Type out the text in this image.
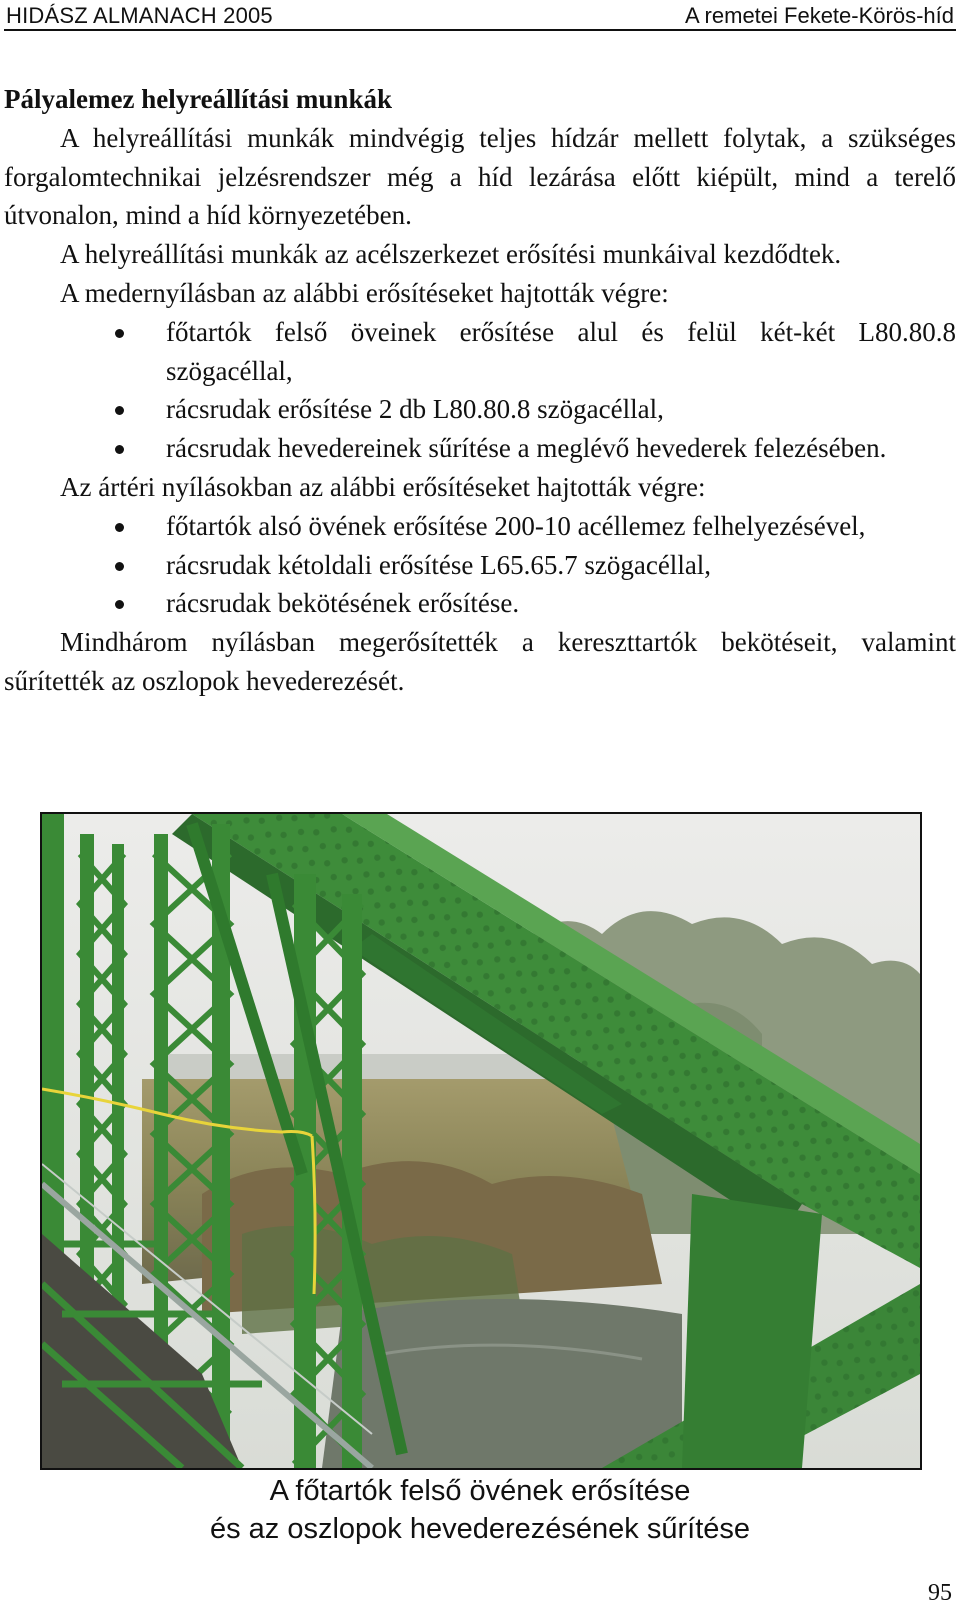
HIDÁSZ ALMANACH 2005	A remetei Fekete-Körös-híd

Pályalemez helyreállítási munkák

A helyreállítási munkák mindvégig teljes hídzár mellett folytak, a szükséges forgalomtechnikai jelzésrendszer még a híd lezárása előtt kiépült, mind a terelő útvonalon, mind a híd környezetében.

A helyreállítási munkák az acélszerkezet erősítési munkáival kezdődtek.

A medernyílásban az alábbi erősítéseket hajtották végre:

főtartók felső öveinek erősítése alul és felül két-két L80.80.8 szögacéllal,
rácsrudak erősítése 2 db L80.80.8 szögacéllal,
rácsrudak hevedereinek sűrítése a meglévő hevederek felezésében.

Az ártéri nyílásokban az alábbi erősítéseket hajtották végre:

főtartók alsó övének erősítése 200-10 acéllemez felhelyezésével,
rácsrudak kétoldali erősítése L65.65.7 szögacéllal,
rácsrudak bekötésének erősítése.

Mindhárom nyílásban megerősítették a kereszttartók bekötéseit, valamint sűrítették az oszlopok hevederezését.

A főtartók felső övének erősítése
és az oszlopok hevederezésének sűrítése
95
